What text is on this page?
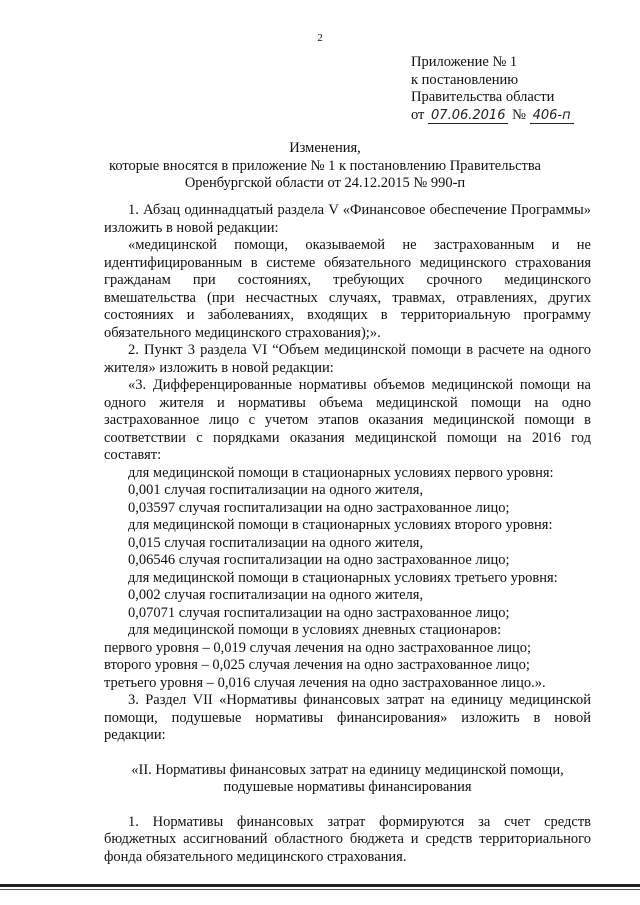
2
Приложение № 1
к постановлению
Правительства области
от 07.06.2016 № 406-п
Изменения,
которые вносятся в приложение № 1 к постановлению Правительства
Оренбургской области от 24.12.2015 № 990-п

1. Абзац одиннадцатый раздела V «Финансовое обеспечение Программы» изложить в новой редакции:

«медицинской помощи, оказываемой не застрахованным и не идентифицированным в системе обязательного медицинского страхования гражданам при состояниях, требующих срочного медицинского вмешательства (при несчастных случаях, травмах, отравлениях, других состояниях и заболеваниях, входящих в территориальную программу обязательного медицинского страхования);».

2. Пункт 3 раздела VI “Объем медицинской помощи в расчете на одного жителя» изложить в новой редакции:

«3. Дифференцированные нормативы объемов медицинской помощи на одного жителя и нормативы объема медицинской помощи на одно застрахованное лицо с учетом этапов оказания медицинской помощи в соответствии с порядками оказания медицинской помощи на 2016 год составят:

для медицинской помощи в стационарных условиях первого уровня:

0,001 случая госпитализации на одного жителя,

0,03597 случая госпитализации на одно застрахованное лицо;

для медицинской помощи в стационарных условиях второго уровня:

0,015 случая госпитализации на одного жителя,

0,06546 случая госпитализации на одно застрахованное лицо;

для медицинской помощи в стационарных условиях третьего уровня:

0,002 случая госпитализации на одного жителя,

0,07071 случая госпитализации на одно застрахованное лицо;

для медицинской помощи в условиях дневных стационаров:

первого уровня – 0,019 случая лечения на одно застрахованное лицо;

второго уровня – 0,025 случая лечения на одно застрахованное лицо;

третьего уровня – 0,016 случая лечения на одно застрахованное лицо.».

3. Раздел VII «Нормативы финансовых затрат на единицу медицинской помощи, подушевые нормативы финансирования» изложить в новой редакции:

«II. Нормативы финансовых затрат на единицу медицинской помощи,
подушевые нормативы финансирования

1. Нормативы финансовых затрат формируются за счет средств бюджетных ассигнований областного бюджета и средств территориального фонда обязательного медицинского страхования.
